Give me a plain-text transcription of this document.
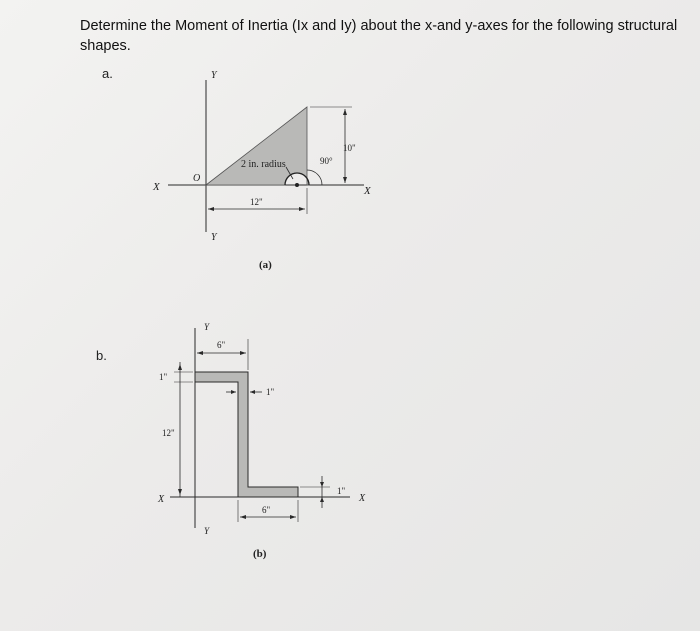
Determine the Moment of Inertia (Ix and Iy) about the x-and y-axes for the following structural shapes.
a.
b.
Y
Y
X	X
O
2 in. radius
12"
10"
90°
(a)
Y
Y
X	X
6"
1"
12"
1"
6"
1"
(b)
